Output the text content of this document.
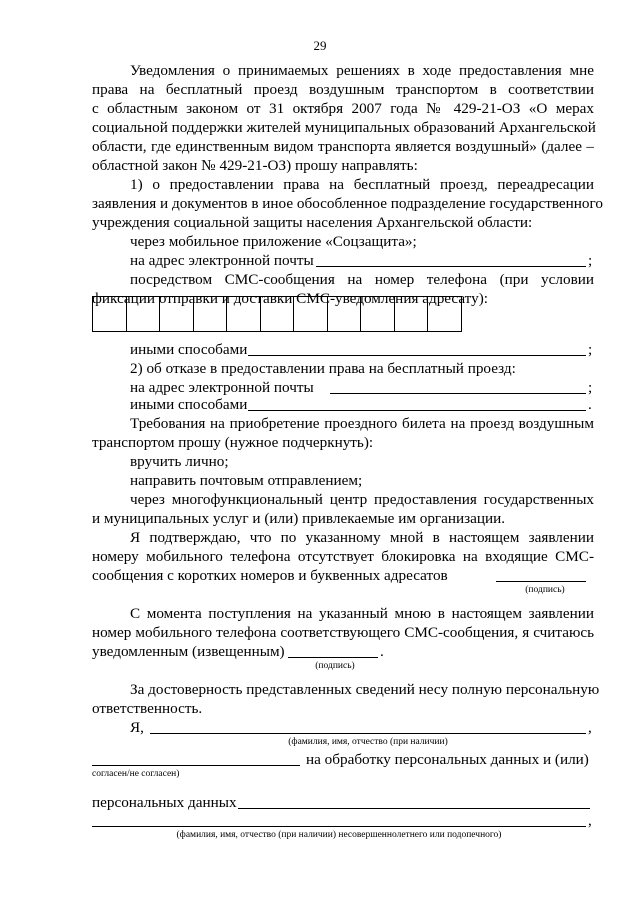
29
Уведомления о принимаемых решениях в ходе предоставления мне
права на бесплатный проезд воздушным транспортом в соответствии
с областным законом от 31 октября 2007 года № 429-21-ОЗ «О мерах
социальной поддержки жителей муниципальных образований Архангельской
области, где единственным видом транспорта является воздушный» (далее –
областной закон № 429-21-ОЗ) прошу направлять:
1) о предоставлении права на бесплатный проезд, переадресации
заявления и документов в иное обособленное подразделение государственного
учреждения социальной защиты населения Архангельской области:
через мобильное приложение «Соцзащита»;
на адрес электронной почты	;
посредством СМС-сообщения на номер телефона (при условии
фиксации отправки и доставки СМС-уведомления адресату):
иными способами	;
2) об отказе в предоставлении права на бесплатный проезд:
на адрес электронной почты	;
иными способами	.
Требования на приобретение проездного билета на проезд воздушным
транспортом прошу (нужное подчеркнуть):
вручить лично;
направить почтовым отправлением;
через многофункциональный центр предоставления государственных
и муниципальных услуг и (или) привлекаемые им организации.
Я подтверждаю, что по указанному мной в настоящем заявлении
номеру мобильного телефона отсутствует блокировка на входящие СМС-
сообщения с коротких номеров и буквенных адресатов
(подпись)
С момента поступления на указанный мною в настоящем заявлении
номер мобильного телефона соответствующего СМС-сообщения, я считаюсь
уведомленным (извещенным)	.
(подпись)
За достоверность представленных сведений несу полную персональную
ответственность.
Я,	,
(фамилия, имя, отчество (при наличии)
на обработку персональных данных и (или)
согласен/не согласен)
персональных данных
,
(фамилия, имя, отчество (при наличии) несовершеннолетнего или подопечного)
